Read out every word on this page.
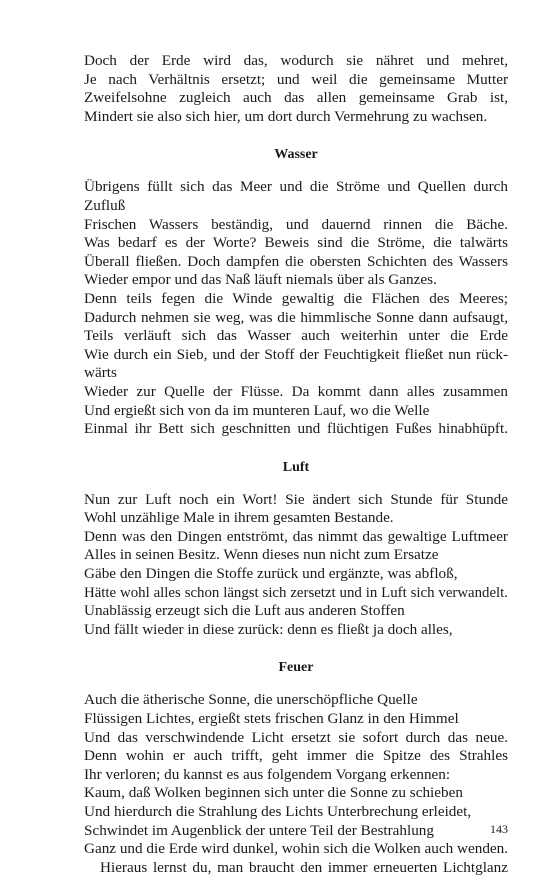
Doch der Erde wird das, wodurch sie nähret und mehret,
Je nach Verhältnis ersetzt; und weil die gemeinsame Mutter
Zweifelsohne zugleich auch das allen gemeinsame Grab ist,
Mindert sie also sich hier, um dort durch Vermehrung zu wachsen.
Wasser
Übrigens füllt sich das Meer und die Ströme und Quellen durch
Zufluß
Frischen Wassers beständig, und dauernd rinnen die Bäche.
Was bedarf es der Worte? Beweis sind die Ströme, die talwärts
Überall fließen. Doch dampfen die obersten Schichten des Wassers
Wieder empor und das Naß läuft niemals über als Ganzes.
Denn teils fegen die Winde gewaltig die Flächen des Meeres;
Dadurch nehmen sie weg, was die himmlische Sonne dann aufsaugt,
Teils verläuft sich das Wasser auch weiterhin unter die Erde
Wie durch ein Sieb, und der Stoff der Feuchtigkeit fließet nun rück-
wärts
Wieder zur Quelle der Flüsse. Da kommt dann alles zusammen
Und ergießt sich von da im munteren Lauf, wo die Welle
Einmal ihr Bett sich geschnitten und flüchtigen Fußes hinabhüpft.
Luft
Nun zur Luft noch ein Wort! Sie ändert sich Stunde für Stunde
Wohl unzählige Male in ihrem gesamten Bestande.
Denn was den Dingen entströmt, das nimmt das gewaltige Luftmeer
Alles in seinen Besitz. Wenn dieses nun nicht zum Ersatze
Gäbe den Dingen die Stoffe zurück und ergänzte, was abfloß,
Hätte wohl alles schon längst sich zersetzt und in Luft sich verwandelt.
Unablässig erzeugt sich die Luft aus anderen Stoffen
Und fällt wieder in diese zurück: denn es fließt ja doch alles,
Feuer
Auch die ätherische Sonne, die unerschöpfliche Quelle
Flüssigen Lichtes, ergießt stets frischen Glanz in den Himmel
Und das verschwindende Licht ersetzt sie sofort durch das neue.
Denn wohin er auch trifft, geht immer die Spitze des Strahles
Ihr verloren; du kannst es aus folgendem Vorgang erkennen:
Kaum, daß Wolken beginnen sich unter die Sonne zu schieben
Und hierdurch die Strahlung des Lichts Unterbrechung erleidet,
Schwindet im Augenblick der untere Teil der Bestrahlung
Ganz und die Erde wird dunkel, wohin sich die Wolken auch wenden.
Hieraus lernst du, man braucht den immer erneuerten Lichtglanz
143
